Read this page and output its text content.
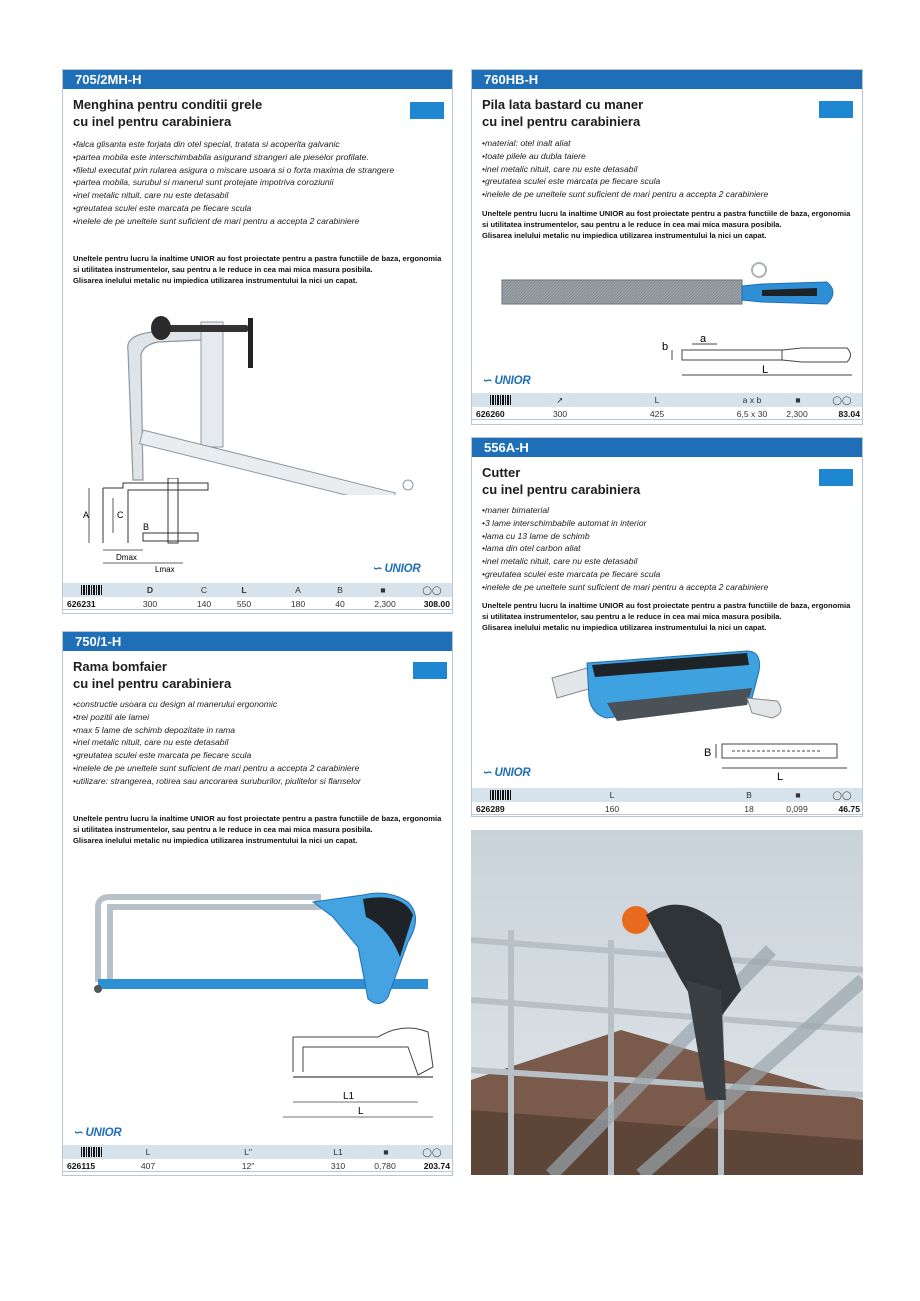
705/2MH-H
Menghina pentru conditii grele
cu inel pentru carabiniera
• falca glisanta este forjata din otel special, tratata si acoperita galvanic
• partea mobila este interschimbabila asigurand strangeri ale pieselor profilate.
• filetul executat prin rularea asigura o miscare usoara si o forta maxima de strangere
• partea mobila, surubul si manerul sunt protejate impotriva coroziunii
• inel metalic nituit, care nu este detasabil
• greutatea sculei este marcata pe fiecare scula
• inelele de pe uneltele sunt suficient de mari pentru a accepta 2 carabiniere
Uneltele pentru lucru la inaltime UNIOR au fost proiectate pentru a pastra functiile de baza, ergonomia
si utilitatea instrumentelor, sau pentru a le reduce in cea mai mica masura posibila.
Glisarea inelului metalic nu impiedica utilizarea instrumentului la nici un capat.
A	C
B
Dmax
Lmax	∽ UNIOR
D	C	L	A	B	■	◯◯
626231	300	140	550	180	40	2,300	308.00
750/1-H
Rama bomfaier
cu inel pentru carabiniera
• constructie usoara cu design al manerului ergonomic
• trei pozitii ale lamei
• max 5 lame de schimb depozitate in rama
• inel metalic nituit, care nu este detasabil
• greutatea sculei este marcata pe fiecare scula
• inelele de pe uneltele sunt suficient de mari pentru a accepta 2 carabiniere
• utilizare: strangerea, rotirea sau ancorarea suruburilor, piulitelor si flanselor
Uneltele pentru lucru la inaltime UNIOR au fost proiectate pentru a pastra functiile de baza, ergonomia
si utilitatea instrumentelor, sau pentru a le reduce in cea mai mica masura posibila.
Glisarea inelului metalic nu impiedica utilizarea instrumentului la nici un capat.
L1
L
∽ UNIOR
L	L"	L1	■	◯◯
626115	407	12"	310	0,780	203.74
760HB-H
Pila lata bastard cu maner
cu inel pentru carabiniera
• material: otel inalt aliat
• toate pilele au dubla taiere
• inel metalic nituit, care nu este detasabil
• greutatea sculei este marcata pe fiecare scula
• inelele de pe uneltele sunt suficient de mari pentru a accepta 2 carabiniere
Uneltele pentru lucru la inaltime UNIOR au fost proiectate pentru a pastra functiile de baza, ergonomia
si utilitatea instrumentelor, sau pentru a le reduce in cea mai mica masura posibila.
Glisarea inelului metalic nu impiedica utilizarea instrumentului la nici un capat.
b
a
L
∽ UNIOR
➚	L	a x b	■	◯◯
626260	300	425	6,5 x 30	2,300	83.04
556A-H
Cutter
cu inel pentru carabiniera
• maner bimaterial
• 3 lame interschimbabile automat in interior
• lama cu 13 lame de schimb
• lama din otel carbon aliat
• inel metalic nituit, care nu este detasabil
• greutatea sculei este marcata pe fiecare scula
• inelele de pe uneltele sunt suficient de mari pentru a accepta 2 carabiniere
Uneltele pentru lucru la inaltime UNIOR au fost proiectate pentru a pastra functiile de baza, ergonomia
si utilitatea instrumentelor, sau pentru a le reduce in cea mai mica masura posibila.
Glisarea inelului metalic nu impiedica utilizarea instrumentului la nici un capat.
B
L
∽ UNIOR
L	B	■	◯◯
626289	160	18	0,099	46.75
